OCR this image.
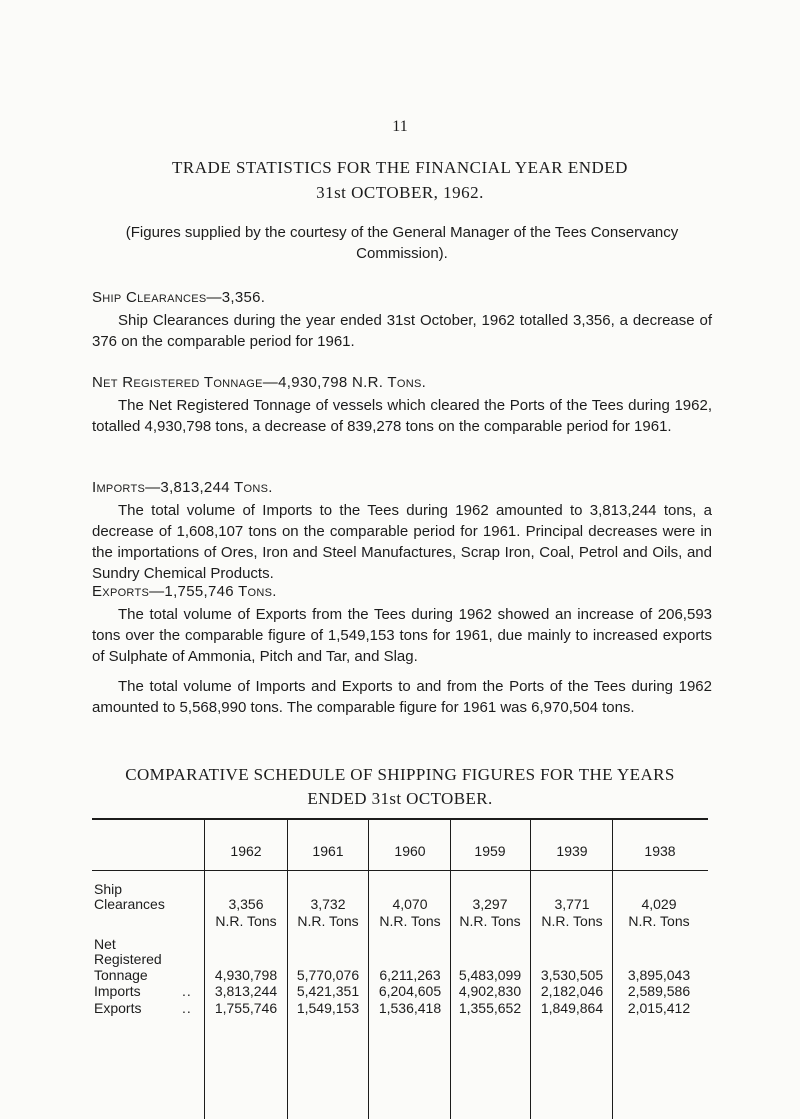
11
TRADE STATISTICS FOR THE FINANCIAL YEAR ENDED
31st OCTOBER, 1962.
(Figures supplied by the courtesy of the General Manager of the Tees Conservancy Commission).
Ship Clearances—3,356.

Ship Clearances during the year ended 31st October, 1962 totalled 3,356, a decrease of 376 on the comparable period for 1961.

Net Registered Tonnage—4,930,798 N.R. Tons.

The Net Registered Tonnage of vessels which cleared the Ports of the Tees during 1962, totalled 4,930,798 tons, a decrease of 839,278 tons on the comparable period for 1961.

Imports—3,813,244 Tons.

The total volume of Imports to the Tees during 1962 amounted to 3,813,244 tons, a decrease of 1,608,107 tons on the comparable period for 1961. Principal decreases were in the importations of Ores, Iron and Steel Manufactures, Scrap Iron, Coal, Petrol and Oils, and Sundry Chemical Products.

Exports—1,755,746 Tons.

The total volume of Exports from the Tees during 1962 showed an increase of 206,593 tons over the comparable figure of 1,549,153 tons for 1961, due mainly to increased exports of Sulphate of Ammonia, Pitch and Tar, and Slag.

The total volume of Imports and Exports to and from the Ports of the Tees during 1962 amounted to 5,568,990 tons. The comparable figure for 1961 was 6,970,504 tons.

COMPARATIVE SCHEDULE OF SHIPPING FIGURES FOR THE YEARS
ENDED 31st OCTOBER.
1962	1961	1960	1959	1939	1938
Ship
Clearances	3,356	3,732	4,070	3,297	3,771	4,029
N.R. Tons	N.R. Tons	N.R. Tons	N.R. Tons	N.R. Tons	N.R. Tons
Net
Registered
Tonnage	4,930,798	5,770,076	6,211,263	5,483,099	3,530,505	3,895,043
Imports	..	3,813,244	5,421,351	6,204,605	4,902,830	2,182,046	2,589,586
Exports	..	1,755,746	1,549,153	1,536,418	1,355,652	1,849,864	2,015,412
